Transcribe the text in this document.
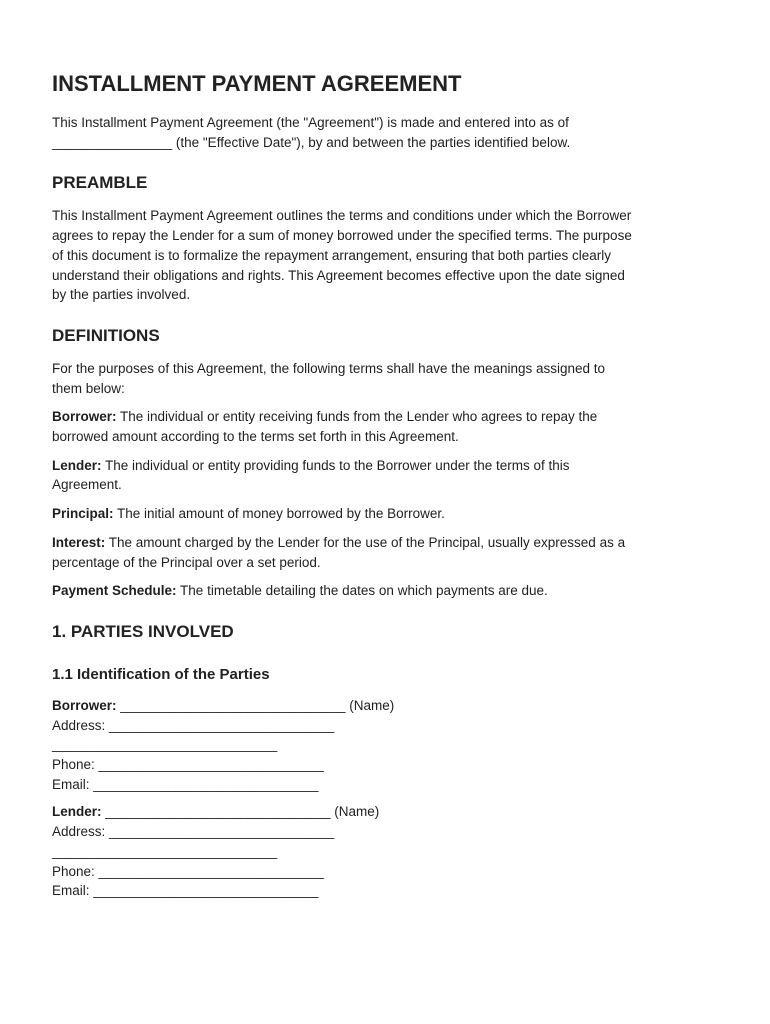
INSTALLMENT PAYMENT AGREEMENT

This Installment Payment Agreement (the "Agreement") is made and entered into as of

________________ (the "Effective Date"), by and between the parties identified below.

PREAMBLE

This Installment Payment Agreement outlines the terms and conditions under which the Borrower

agrees to repay the Lender for a sum of money borrowed under the specified terms. The purpose

of this document is to formalize the repayment arrangement, ensuring that both parties clearly

understand their obligations and rights. This Agreement becomes effective upon the date signed

by the parties involved.

DEFINITIONS

For the purposes of this Agreement, the following terms shall have the meanings assigned to

them below:

Borrower: The individual or entity receiving funds from the Lender who agrees to repay the

borrowed amount according to the terms set forth in this Agreement.

Lender: The individual or entity providing funds to the Borrower under the terms of this

Agreement.

Principal: The initial amount of money borrowed by the Borrower.

Interest: The amount charged by the Lender for the use of the Principal, usually expressed as a

percentage of the Principal over a set period.

Payment Schedule: The timetable detailing the dates on which payments are due.

1. PARTIES INVOLVED
1.1 Identification of the Parties

Borrower: ______________________________ (Name)

Address: ______________________________

______________________________

Phone: ______________________________

Email: ______________________________

Lender: ______________________________ (Name)

Address: ______________________________

______________________________

Phone: ______________________________

Email: ______________________________
